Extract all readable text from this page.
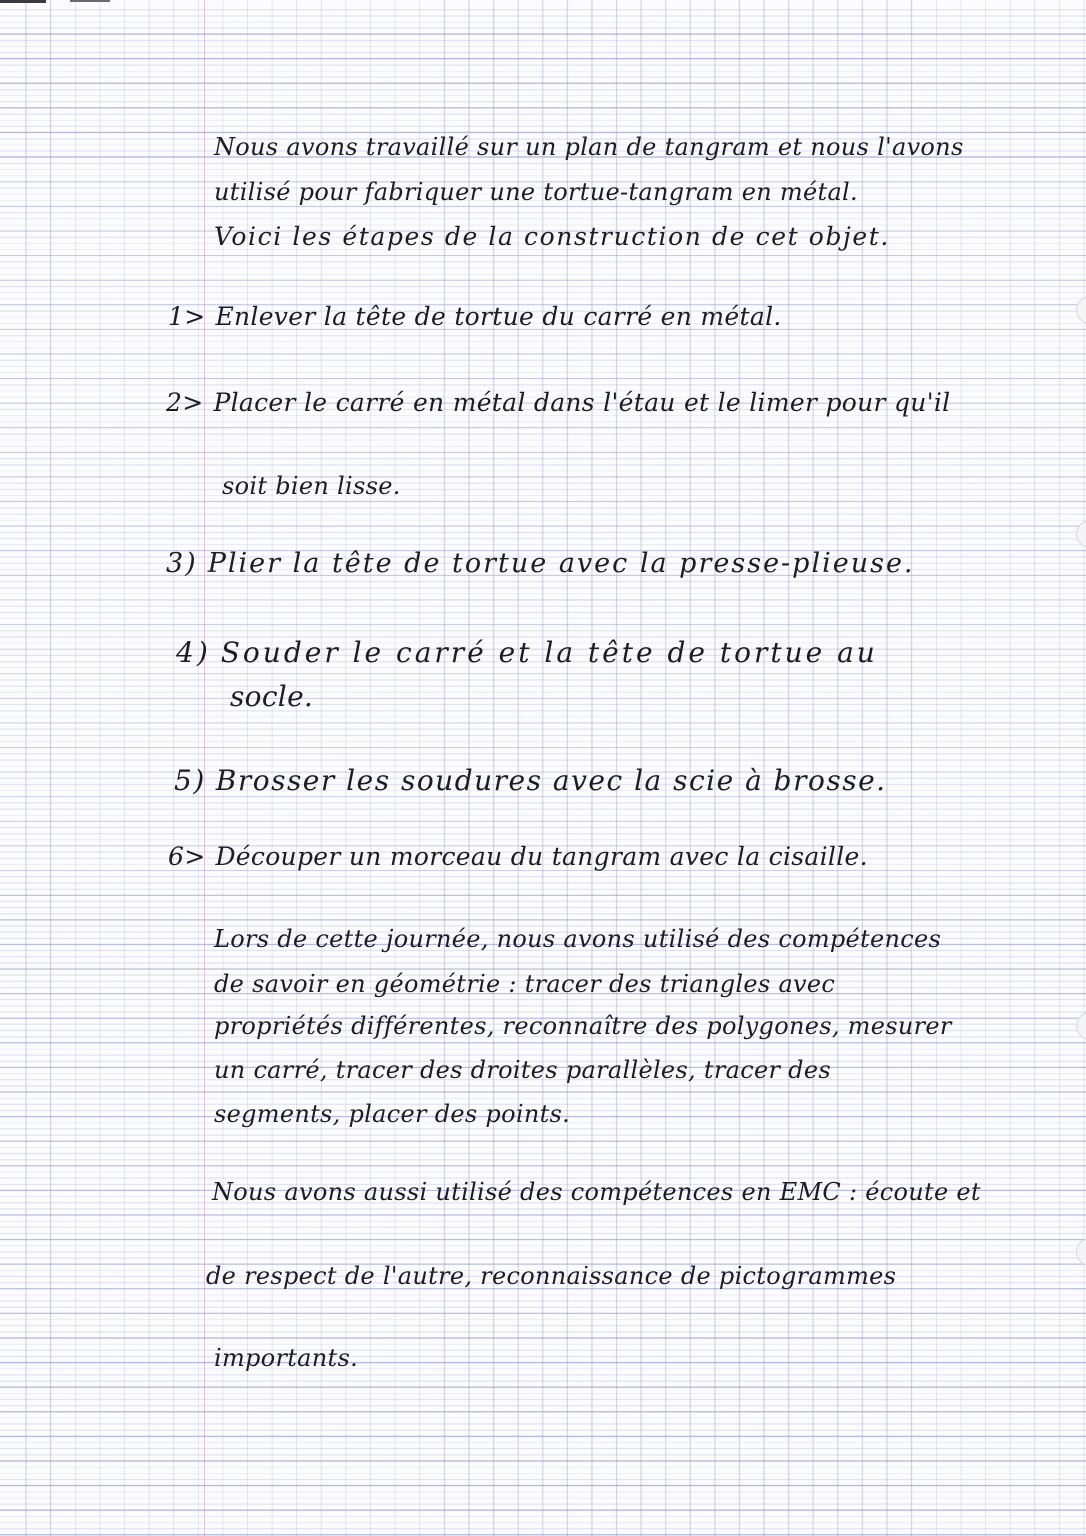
Nous avons travaillé sur un plan de tangram et nous l'avons

utilisé pour fabriquer une tortue-tangram en métal.

Voici les étapes de la construction de cet objet.

1> Enlever la tête de tortue du carré en métal.
2> Placer le carré en métal dans l'étau et le limer pour qu'il

soit bien lisse.

3) Plier la tête de tortue avec la presse-plieuse.
4) Souder le carré et la tête de tortue au

socle.

5) Brosser les soudures avec la scie à brosse.
6> Découper un morceau du tangram avec la cisaille.

Lors de cette journée, nous avons utilisé des compétences

de savoir en géométrie : tracer des triangles avec

propriétés différentes, reconnaître des polygones, mesurer

un carré, tracer des droites parallèles, tracer des

segments, placer des points.

Nous avons aussi utilisé des compétences en EMC : écoute et

de respect de l'autre, reconnaissance de pictogrammes

importants.
